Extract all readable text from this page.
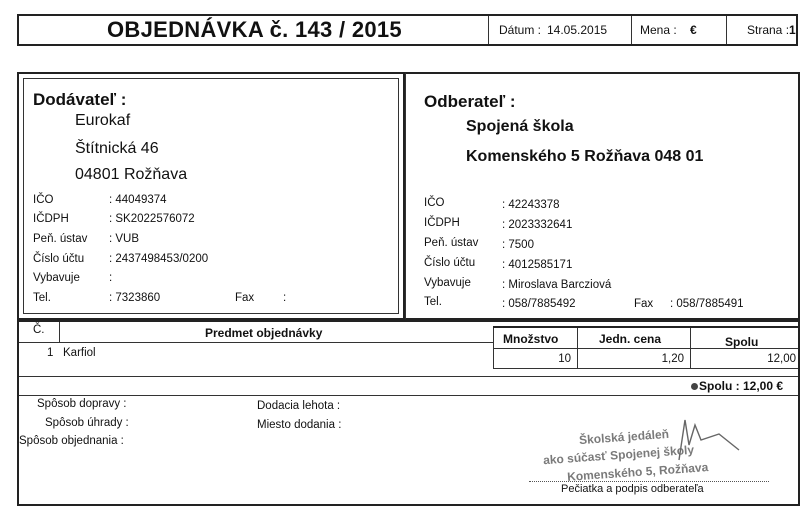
OBJEDNÁVKA č. 143 / 2015	Dátum : 14.05.2015	Mena : €	Strana : 1
Dodávateľ :
Eurokaf
Štítnická 46
04801 Rožňava
IČO	: 44049374
IČDPH	: SK2022576072
Peň. ústav : VUB
Číslo účtu : 2437498453/0200
Vybavuje	:
Tel.	: 7323860	Fax	:
Odberateľ :
Spojená škola
Komenského 5 Rožňava 048 01
IČO	: 42243378
IČDPH	: 2023332641
Peň. ústav : 7500
Číslo účtu : 4012585171
Vybavuje	: Miroslava Barcziová
Tel.	: 058/7885492	Fax : 058/7885491
Č.	Predmet objednávky	Množstvo	Jedn. cena	Spolu
1 Karfiol	10	1,20	12,00
Spolu : 12,00 €
Spôsob dopravy :
Spôsob úhrady :
Spôsob objednania :
Dodacia lehota :
Miesto dodania :
Školská jedáleň
ako súčasť Spojenej školy
Komenského 5, Rožňava
Pečiatka a podpis odberateľa
